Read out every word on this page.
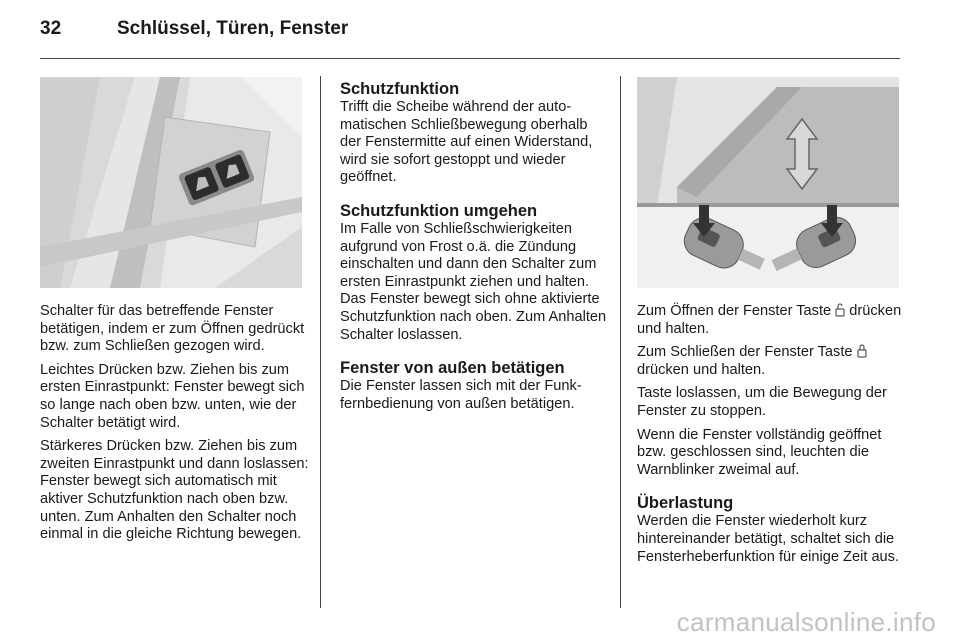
32	Schlüssel, Türen, Fenster

Schalter für das betreffende Fenster betätigen, indem er zum Öffnen gedrückt bzw. zum Schließen gezogen wird.

Leichtes Drücken bzw. Ziehen bis zum ersten Einrastpunkt: Fenster bewegt sich so lange nach oben bzw. unten, wie der Schalter betätigt wird.

Stärkeres Drücken bzw. Ziehen bis zum zweiten Einrastpunkt und dann loslassen: Fenster bewegt sich automatisch mit aktiver Schutzfunktion nach oben bzw. unten. Zum Anhalten den Schalter noch einmal in die gleiche Richtung bewegen.

Schutzfunktion

Trifft die Scheibe während der automatischen Schließbewegung oberhalb der Fenstermitte auf einen Widerstand, wird sie sofort gestoppt und wieder geöffnet.

Schutzfunktion umgehen

Im Falle von Schließschwierigkeiten aufgrund von Frost o.ä. die Zündung einschalten und dann den Schalter zum ersten Einrastpunkt ziehen und halten. Das Fenster bewegt sich ohne aktivierte Schutzfunktion nach oben. Zum Anhalten Schalter loslassen.

Fenster von außen betätigen

Die Fenster lassen sich mit der Funkfernbedienung von außen betätigen.

Zum Öffnen der Fenster Taste drücken und halten.

Zum Schließen der Fenster Taste
drücken und halten.

Taste loslassen, um die Bewegung der Fenster zu stoppen.

Wenn die Fenster vollständig geöffnet bzw. geschlossen sind, leuchten die Warnblinker zweimal auf.

Überlastung

Werden die Fenster wiederholt kurz hintereinander betätigt, schaltet sich die Fensterheberfunktion für einige Zeit aus.

carmanualsonline.info
